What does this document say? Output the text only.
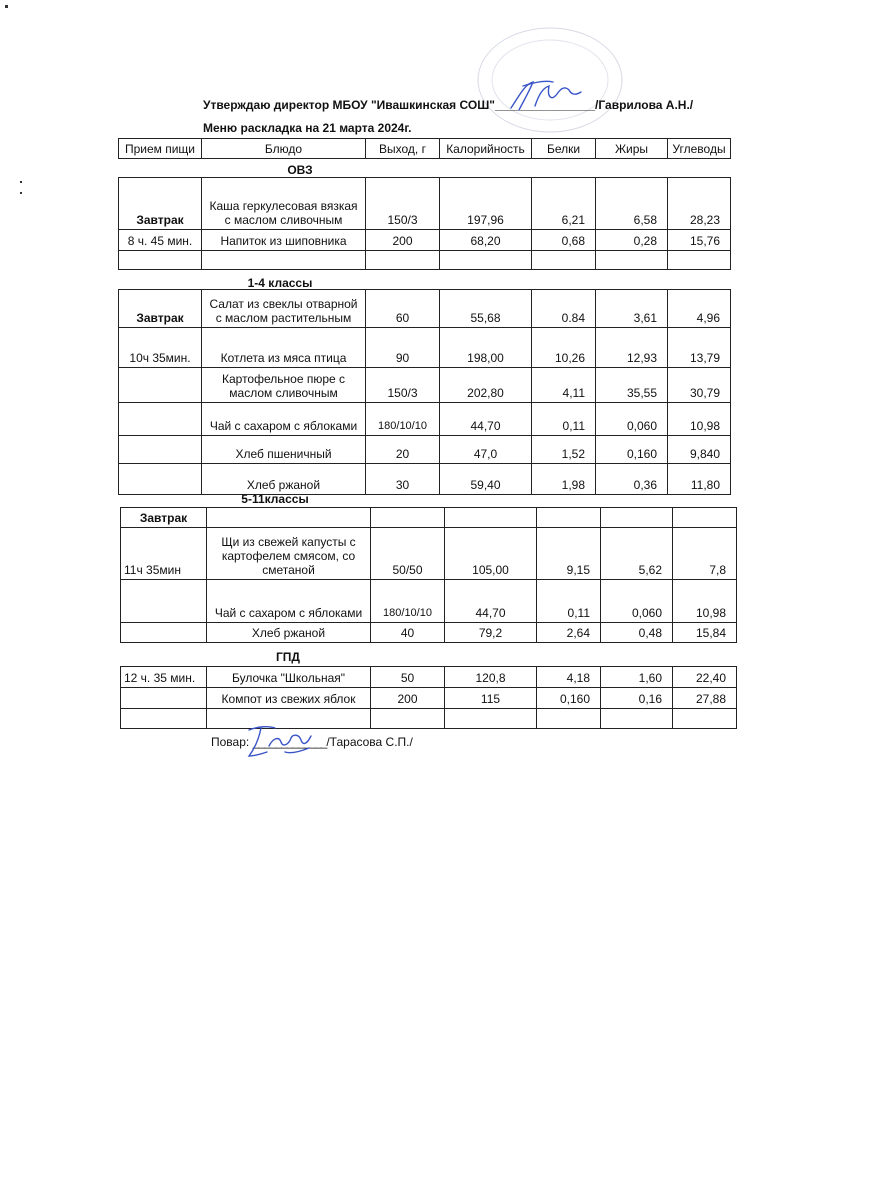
Утверждаю директор МБОУ "Ивашкинская СОШ"_______________/Гаврилова А.Н./
Меню раскладка на 21 марта 2024г.
Прием пищи	Блюдо	Выход, г	Калорийность	Белки	Жиры	Углеводы
ОВЗ
Завтрак	Каша геркулесовая вязкая с маслом сливочным	150/3	197,96	6,21	6,58	28,23
8 ч. 45 мин.	Напиток из шиповника	200	68,20	0,68	0,28	15,76

1-4 классы
Завтрак	Салат из свеклы отварной с маслом растительным	60	55,68	0.84	3,61	4,96
10ч 35мин.	Котлета из мяса птица	90	198,00	10,26	12,93	13,79
	Картофельное пюре с маслом сливочным	150/3	202,80	4,11	35,55	30,79
	Чай с сахаром с яблоками	180/10/10	44,70	0,11	0,060	10,98
	Хлеб пшеничный	20	47,0	1,52	0,160	9,840
	Хлеб ржаной	30	59,40	1,98	0,36	11,80
5-11классы
Завтрак						
11ч 35мин	Щи из свежей капусты с картофелем смясом, со сметаной	50/50	105,00	9,15	5,62	7,8
	Чай с сахаром с яблоками	180/10/10	44,70	0,11	0,060	10,98
	Хлеб ржаной	40	79,2	2,64	0,48	15,84
ГПД
12 ч. 35 мин.	Булочка "Школьная"	50	120,8	4,18	1,60	22,40
	Компот из свежих яблок	200	115	0,160	0,16	27,88

Повар: _____________/Тарасова С.П./
